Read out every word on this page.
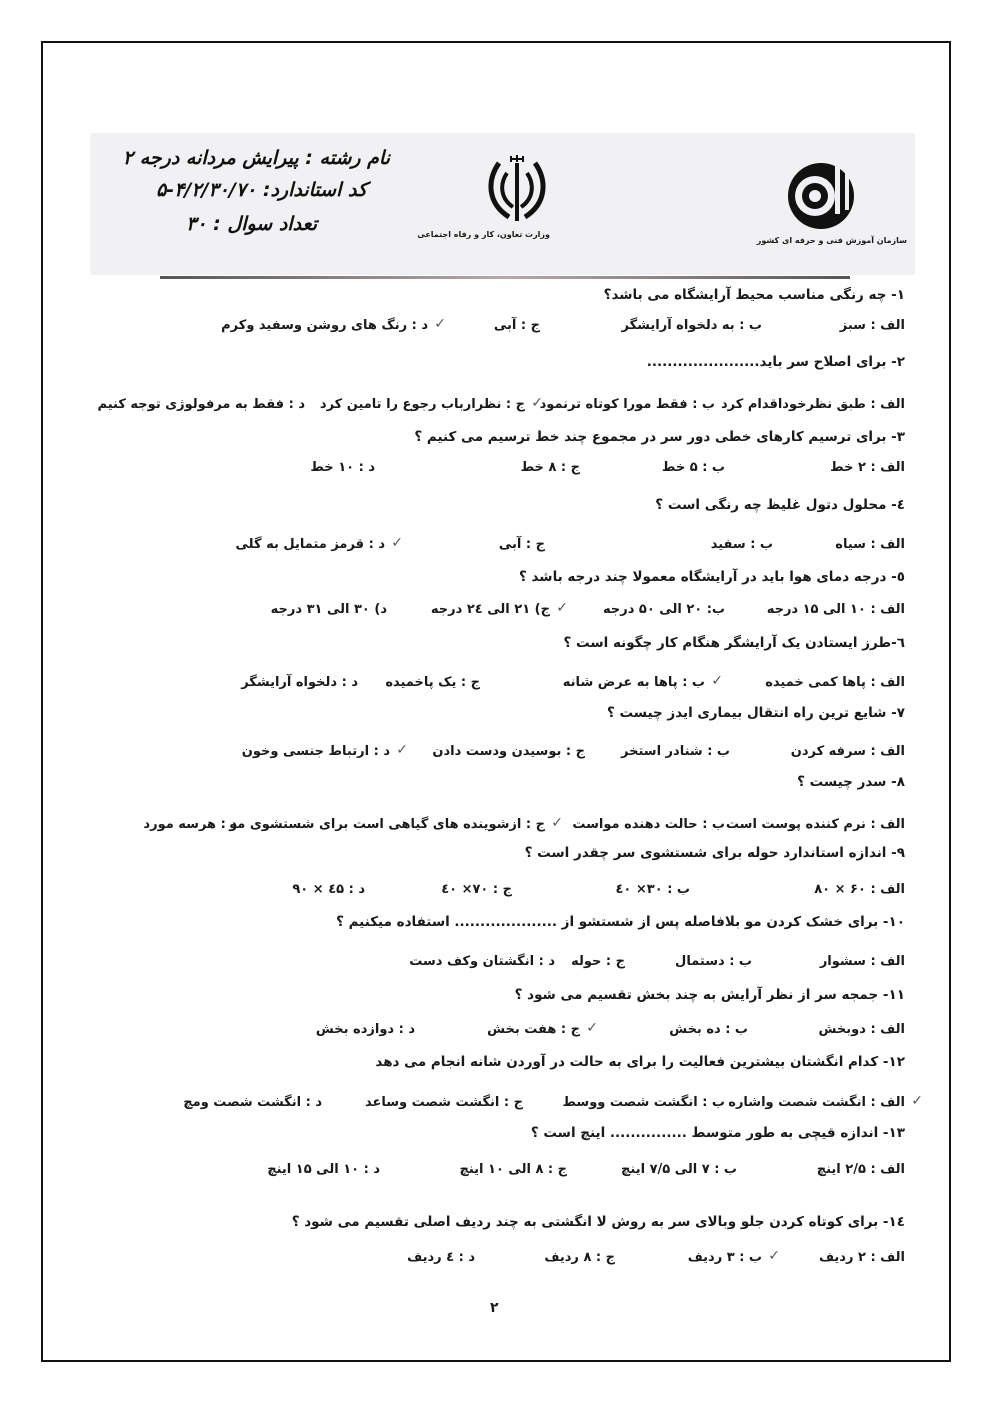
سازمان آموزش فنی و حرفه ای کشور
وزارت تعاون، کار و رفاه اجتماعی
نام رشته : پیرایش مردانه درجه ۲
کد استاندارد: ۴/۲/۳۰/۷۰-۵
تعداد سوال : ۳۰
۱- چه رنگی مناسب محیط آرایشگاه می باشد؟
الف : سبز
ب : به دلخواه آرایشگر
ج : آبی
د : رنگ های روشن وسفید وکرم ✓
۲- برای اصلاح سر باید......................
الف : طبق نظرخوداقدام کرد
ب : فقط مورا کوتاه ترنمود
ج : نظرارباب رجوع را تامین کرد ✓
د : فقط به مرفولوژی توجه کنیم
۳- برای ترسیم کارهای خطی دور سر در مجموع چند خط ترسیم می کنیم ؟
الف : ۲ خط
ب : ۵ خط
ج : ۸ خط
د : ۱۰ خط
٤- محلول دتول غلیظ چه رنگی است ؟
الف : سیاه
ب : سفید
ج : آبی
د : قرمز متمایل به گلی ✓
٥- درجه دمای هوا باید در آرایشگاه معمولا چند درجه باشد ؟
الف : ۱۰ الی ۱۵ درجه
ب: ۲۰ الی ۵۰ درجه
ج) ۲۱ الی ۲٤ درجه ✓
د) ۳۰ الی ۳۱ درجه
٦-طرز ایستادن یک آرایشگر هنگام کار چگونه است ؟
الف : پاها کمی خمیده
ب : پاها به عرض شانه ✓
ج : یک پاخمیده
د : دلخواه آرایشگر
۷- شایع ترین راه انتقال بیماری ایدز چیست ؟
الف : سرفه کردن
ب : شنادر استخر
ج : بوسیدن ودست دادن
د : ارتباط جنسی وخون ✓
۸- سدر چیست ؟
الف : نرم کننده پوست است
ب : حالت دهنده مواست
ج : ازشوینده های گیاهی است برای شستشوی مو ✓
د : هرسه مورد
۹- اندازه استاندارد حوله برای شستشوی سر چقدر است ؟
الف : ۶۰ × ۸۰
ب : ۳۰× ٤۰
ج : ۷۰× ٤۰
د : ٤۵ × ۹۰
۱۰- برای خشک کردن مو بلافاصله پس از شستشو از .................... استفاده میکنیم ؟
الف : سشوار
ب : دستمال
ج : حوله
د : انگشتان وکف دست
۱۱- جمجه سر از نظر آرایش به چند بخش تقسیم می شود ؟
الف : دوبخش
ب : ده بخش
ج : هفت بخش ✓
د : دوازده بخش
۱۲- کدام انگشتان بیشترین فعالیت را برای به حالت در آوردن شانه انجام می دهد
الف : انگشت شصت واشاره ✓
ب : انگشت شصت ووسط
ج : انگشت شصت وساعد
د : انگشت شصت ومچ
۱۳- اندازه قیچی به طور متوسط ............... اینچ است ؟
الف : ۲/۵ اینچ
ب : ۷ الی ۷/۵ اینچ
ج : ۸ الی ۱۰ اینچ
د : ۱۰ الی ۱۵ اینچ
۱٤- برای کوتاه کردن جلو وبالای سر به روش لا انگشتی به چند ردیف اصلی تقسیم می شود ؟
الف : ۲ ردیف
ب : ۳ ردیف ✓
ج : ۸ ردیف
د : ٤ ردیف
۲
